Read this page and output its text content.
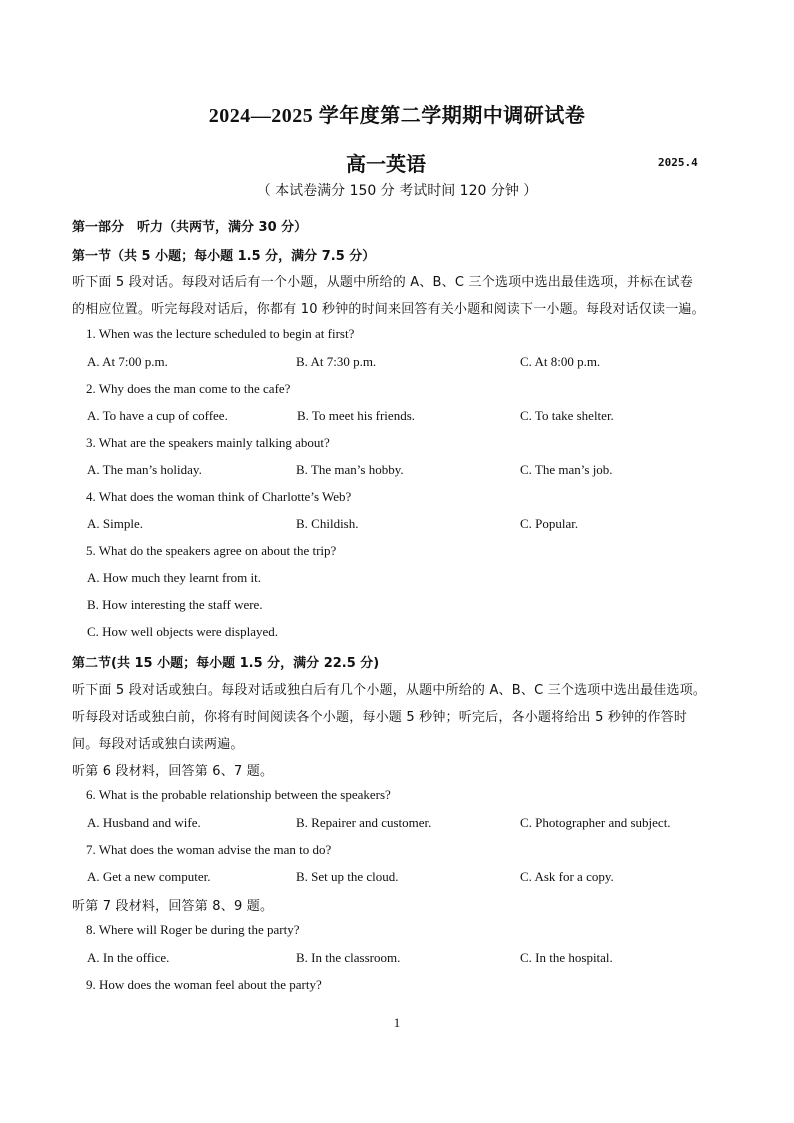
2024—2025 学年度第二学期期中调研试卷
高一英语	2025.4
（ 本试卷满分 150 分 考试时间 120 分钟 ）
第一部分　听力（共两节，满分 30 分）
第一节（共 5 小题；每小题 1.5 分，满分 7.5 分）
听下面 5 段对话。每段对话后有一个小题，从题中所给的 A、B、C 三个选项中选出最佳选项，并标在试卷
的相应位置。听完每段对话后，你都有 10 秒钟的时间来回答有关小题和阅读下一小题。每段对话仅读一遍。
1. When was the lecture scheduled to begin at first?
A. At 7:00 p.m.	B. At 7:30 p.m.	C. At 8:00 p.m.
2. Why does the man come to the cafe?
A. To have a cup of coffee.	B. To meet his friends.	C. To take shelter.
3. What are the speakers mainly talking about?
A. The man’s holiday.	B. The man’s hobby.	C. The man’s job.
4. What does the woman think of Charlotte’s Web?
A. Simple.	B. Childish.	C. Popular.
5. What do the speakers agree on about the trip?
A. How much they learnt from it.
B. How interesting the staff were.
C. How well objects were displayed.
第二节(共 15 小题；每小题 1.5 分，满分 22.5 分)
听下面 5 段对话或独白。每段对话或独白后有几个小题，从题中所给的 A、B、C 三个选项中选出最佳选项。
听每段对话或独白前，你将有时间阅读各个小题，每小题 5 秒钟；听完后，各小题将给出 5 秒钟的作答时
间。每段对话或独白读两遍。
听第 6 段材料，回答第 6、7 题。
6. What is the probable relationship between the speakers?
A. Husband and wife.	B. Repairer and customer.	C. Photographer and subject.
7. What does the woman advise the man to do?
A. Get a new computer.	B. Set up the cloud.	C. Ask for a copy.
听第 7 段材料，回答第 8、9 题。
8. Where will Roger be during the party?
A. In the office.	B. In the classroom.	C. In the hospital.
9. How does the woman feel about the party?
1
